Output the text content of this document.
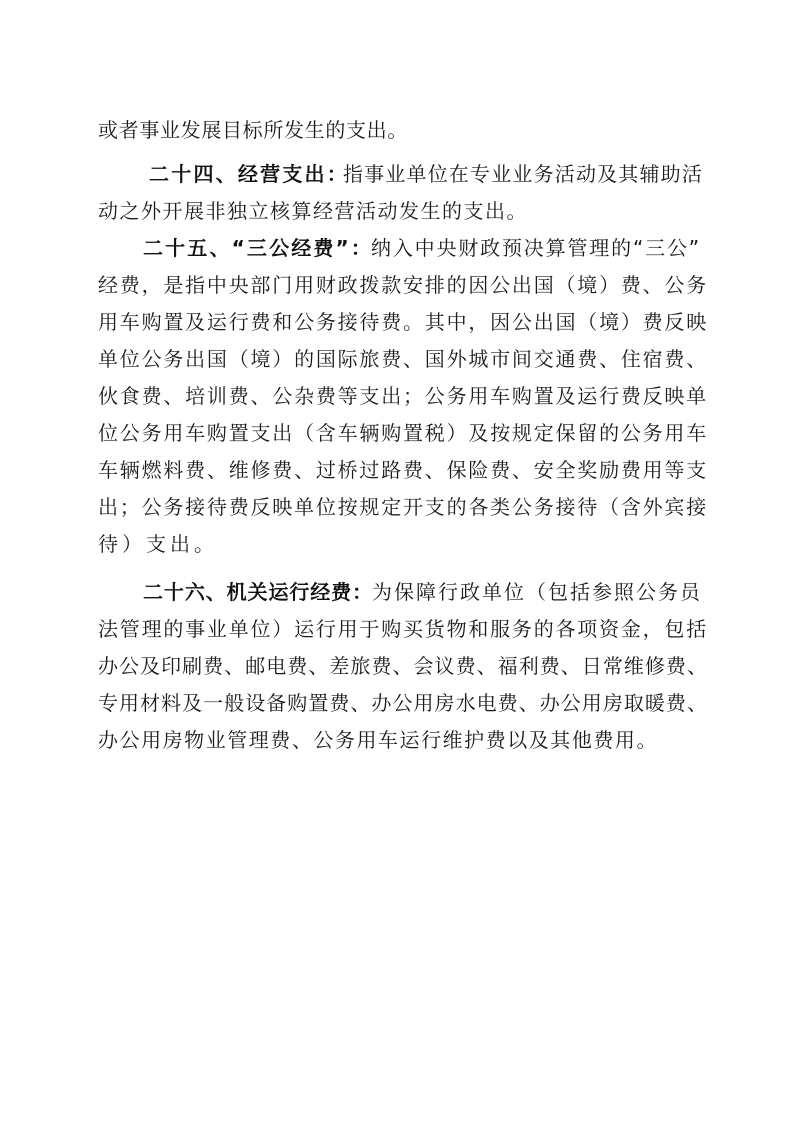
或者事业发展目标所发生的支出。
二十四、经营支出：
指事业单位在专业业务活动及其辅助活
动之外开展非独立核算经营活动发生的支出。
二十五、“三公经费”：
纳入中央财政预决算管理的“三公”
经费，是指中央部门用财政拨款安排的因公出国（境）费、公务
用车购置及运行费和公务接待费。其中，因公出国（境）费反映
单位公务出国（境）的国际旅费、国外城市间交通费、住宿费、
伙食费、培训费、公杂费等支出；公务用车购置及运行费反映单
位公务用车购置支出（含车辆购置税）及按规定保留的公务用车
车辆燃料费、维修费、过桥过路费、保险费、安全奖励费用等支
出；公务接待费反映单位按规定开支的各类公务接待（含外宾接
待）支出。
二十六、机关运行经费： 为保障行政单位（包括参照公务员
法管理的事业单位）运行用于购买货物和服务的各项资金，包括
办公及印刷费、邮电费、差旅费、会议费、福利费、日常维修费、
专用材料及一般设备购置费、办公用房水电费、办公用房取暖费、
办公用房物业管理费、公务用车运行维护费以及其他费用。
